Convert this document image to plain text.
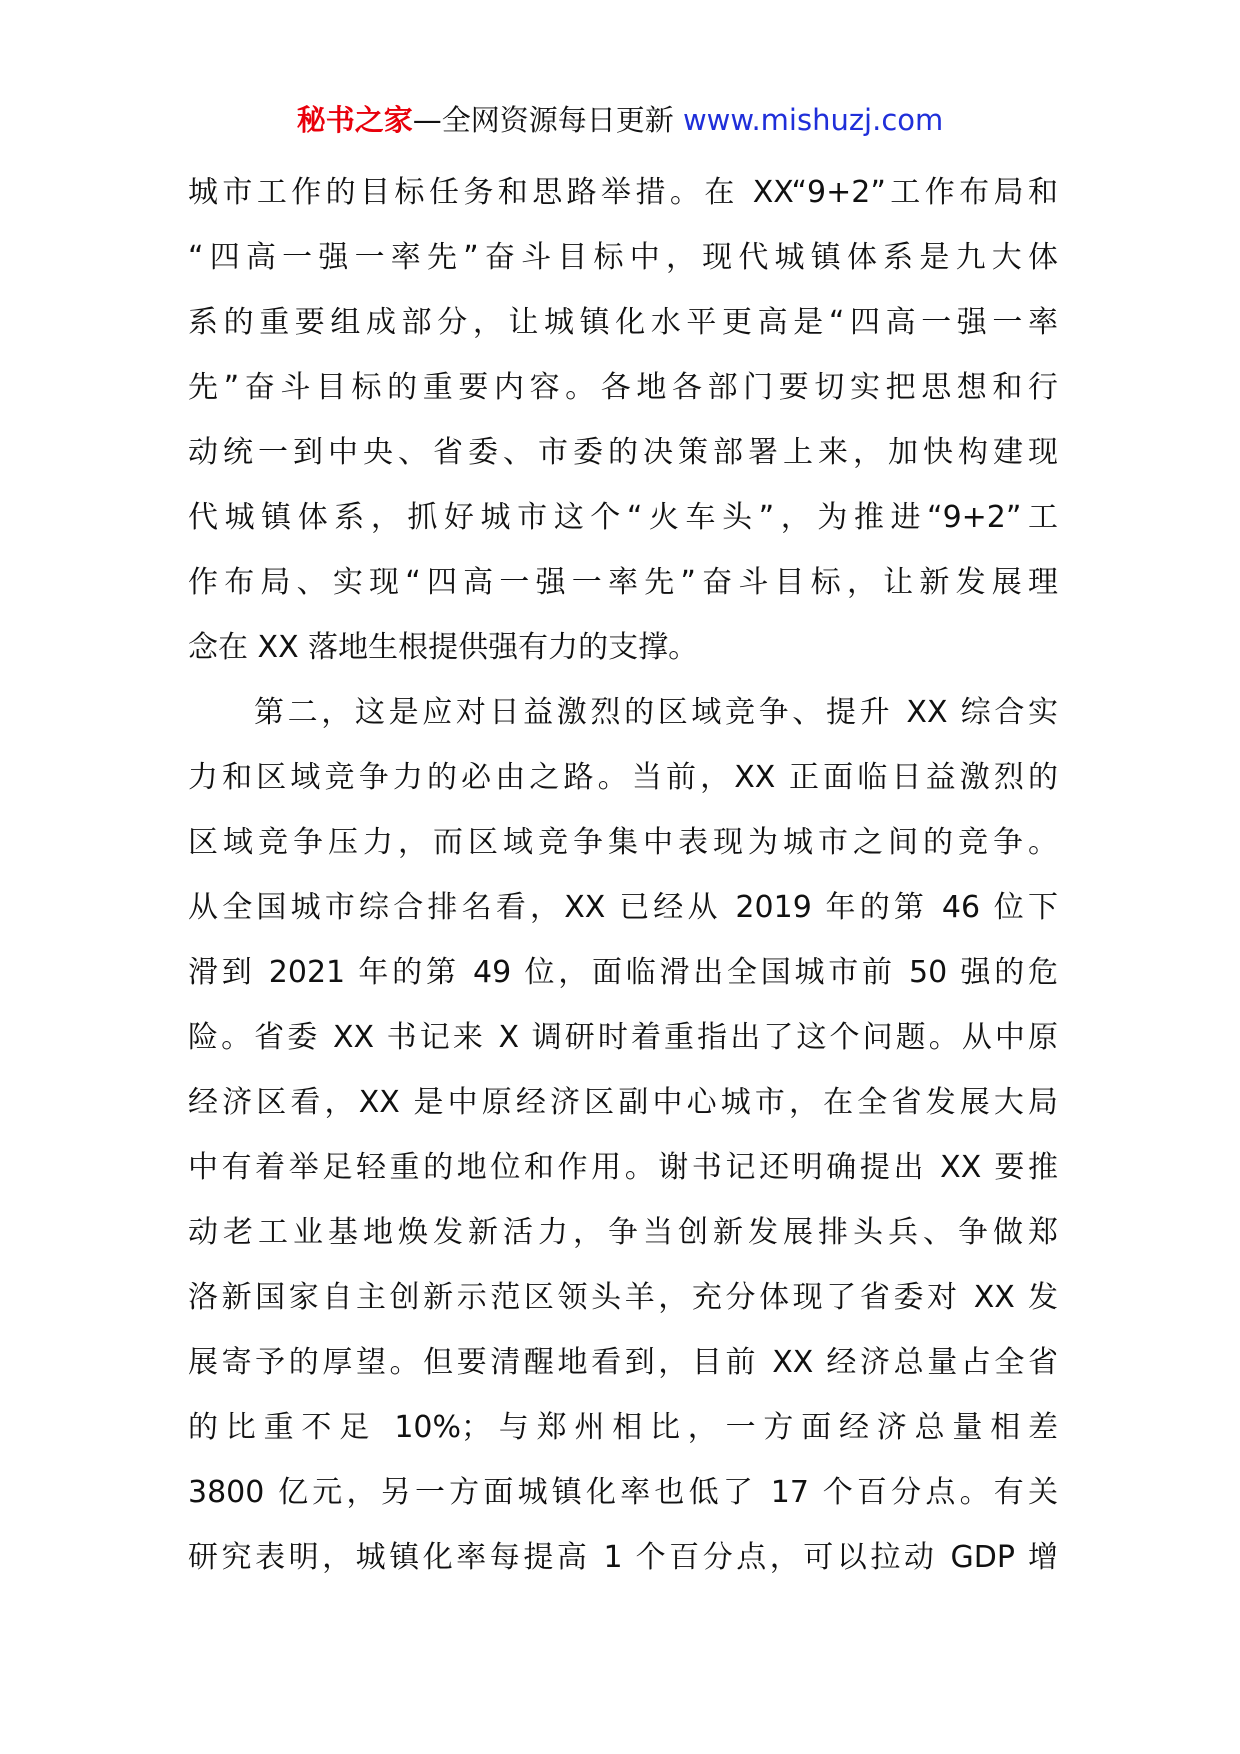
秘书之家—全网资源每日更新 www.mishuzj.com
城市工作的目标任务和思路举措。在 XX“9+2”工作布局和
“四高一强一率先”奋斗目标中，现代城镇体系是九大体
系的重要组成部分，让城镇化水平更高是“四高一强一率
先”奋斗目标的重要内容。各地各部门要切实把思想和行
动统一到中央、省委、市委的决策部署上来，加快构建现
代城镇体系，抓好城市这个“火车头”，为推进“9+2”工
作布局、实现“四高一强一率先”奋斗目标，让新发展理
念在 XX 落地生根提供强有力的支撑。
第二，这是应对日益激烈的区域竞争、提升 XX 综合实
力和区域竞争力的必由之路。当前，XX 正面临日益激烈的
区域竞争压力，而区域竞争集中表现为城市之间的竞争。
从全国城市综合排名看，XX 已经从 2019 年的第 46 位下
滑到 2021 年的第 49 位，面临滑出全国城市前 50 强的危
险。省委 XX 书记来 X 调研时着重指出了这个问题。从中原
经济区看，XX 是中原经济区副中心城市，在全省发展大局
中有着举足轻重的地位和作用。谢书记还明确提出 XX 要推
动老工业基地焕发新活力，争当创新发展排头兵、争做郑
洛新国家自主创新示范区领头羊，充分体现了省委对 XX 发
展寄予的厚望。但要清醒地看到，目前 XX 经济总量占全省
的比重不足 10%；与郑州相比，一方面经济总量相差
3800 亿元，另一方面城镇化率也低了 17 个百分点。有关
研究表明，城镇化率每提高 1 个百分点，可以拉动 GDP 增
